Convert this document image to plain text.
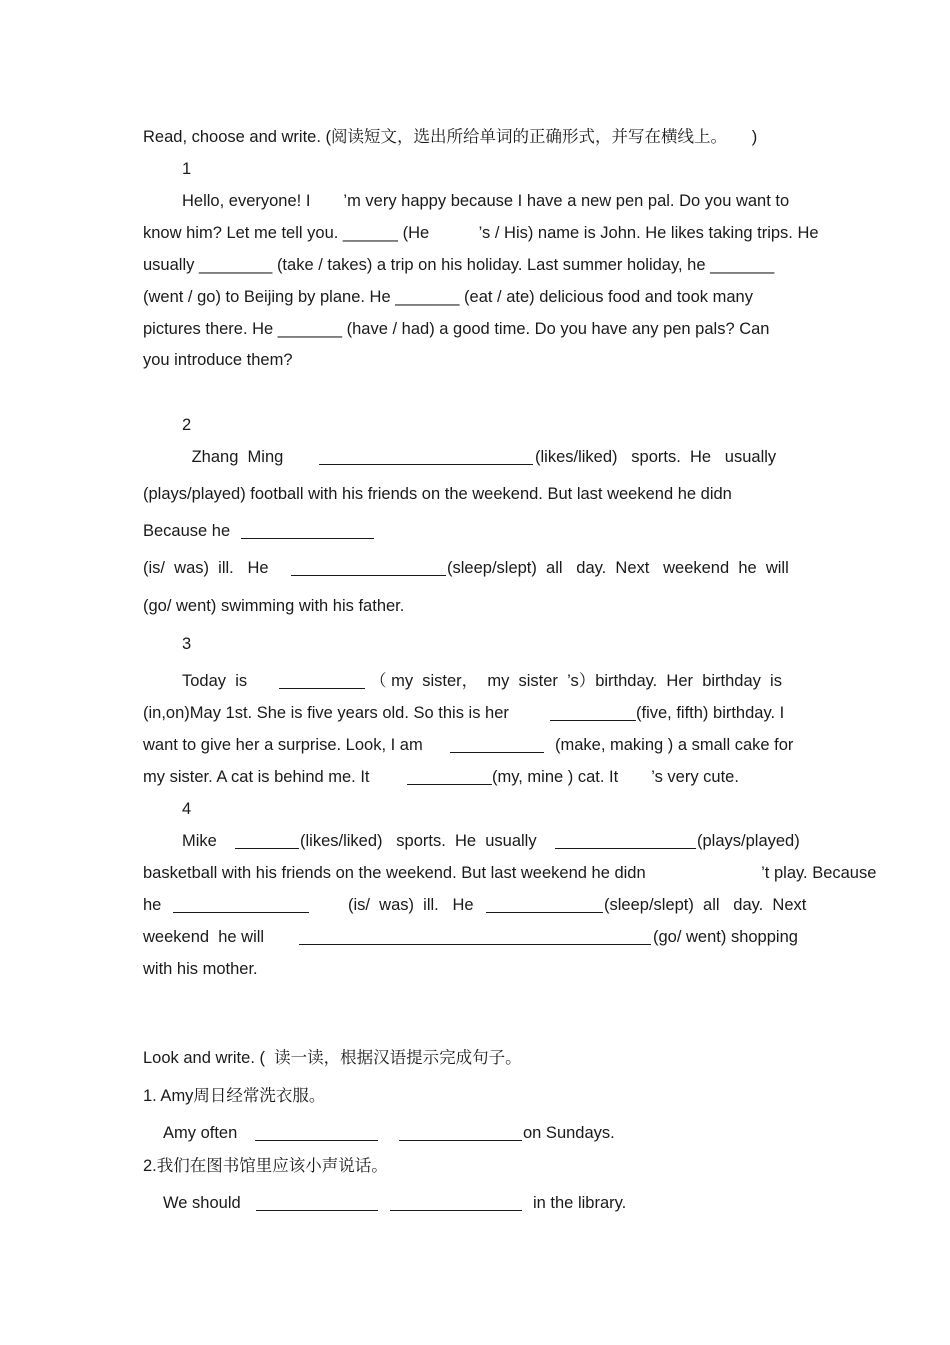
Read, choose and write. (阅读短文，选出所给单词的正确形式，并写在横线上。　　)
1
Hello, everyone! I　　’m very happy because I have a new pen pal. Do you want to
know him? Let me tell you. ______ (He　　　’s / His) name is John. He likes taking trips. He
usually ________ (take / takes) a trip on his holiday. Last summer holiday, he _______
(went / go) to Beijing by plane. He _______ (eat / ate) delicious food and took many
pictures there. He _______ (have / had) a good time. Do you have any pen pals? Can
you introduce them?
2
Zhang  Ming	(likes/liked)   sports.  He   usually
(plays/played) football with his friends on the weekend. But last weekend he didn
Because he
(is/  was)  ill.   He	(sleep/slept)  all   day.  Next   weekend  he  will
(go/ went) swimming with his father.
3
Today  is	（ my  sister，  my  sister  ’s）birthday.  Her  birthday  is
(in,on)May 1st. She is five years old. So this is her	(five, fifth) birthday. I
want to give her a surprise. Look, I am	(make, making ) a small cake for
my sister. A cat is behind me. It	(my, mine ) cat. It　　’s very cute.
4
Mike	(likes/liked)   sports.  He  usually	(plays/played)
basketball with his friends on the weekend. But last weekend he didn　　　　　　　’t play. Because
he	(is/  was)  ill.   He	(sleep/slept)  all   day.  Next
weekend  he will	(go/ went) shopping
with his mother.
Look and write. (  读一读，根据汉语提示完成句子。
1. Amy周日经常洗衣服。
Amy often	on Sundays.
2.我们在图书馆里应该小声说话。
We should	in the library.
